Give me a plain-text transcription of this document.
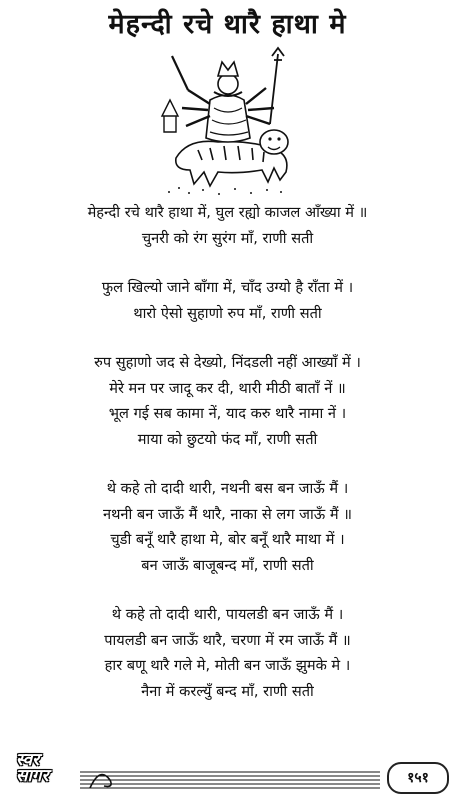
मेहन्दी रचे थारै हाथा मे
मेहन्दी रचे थारै हाथा में, घुल रह्यो काजल आँख्या में ॥
चुनरी को रंग सुरंग माँ, राणी सती
फुल खिल्यो जाने बाँगा में, चाँद उग्यो है राँता में ।
थारो ऐसो सुहाणो रुप माँ, राणी सती
रुप सुहाणो जद से देख्यो, निंदडली नहीं आख्याँ में ।
मेरे मन पर जादू कर दी, थारी मीठी बाताँ नें ॥
भूल गई सब कामा नें, याद करु थारै नामा नें ।
माया को छुटयो फंद माँ, राणी सती
थे कहे तो दादी थारी, नथनी बस बन जाऊँ मैं ।
नथनी बन जाऊँ मैं थारै, नाका से लग जाऊँ मैं ॥
चुडी बनूँ थारै हाथा मे, बोर बनूँ थारै माथा में ।
बन जाऊँ बाजूबन्द माँ, राणी सती
थे कहे तो दादी थारी, पायलडी बन जाऊँ मैं ।
पायलडी बन जाऊँ थारै, चरणा में रम जाऊँ मैं ॥
हार बणू थारै गले मे, मोती बन जाऊँ झुमके मे ।
नैना में करल्युँ बन्द माँ, राणी सती
स्वर
सागर	१५१
